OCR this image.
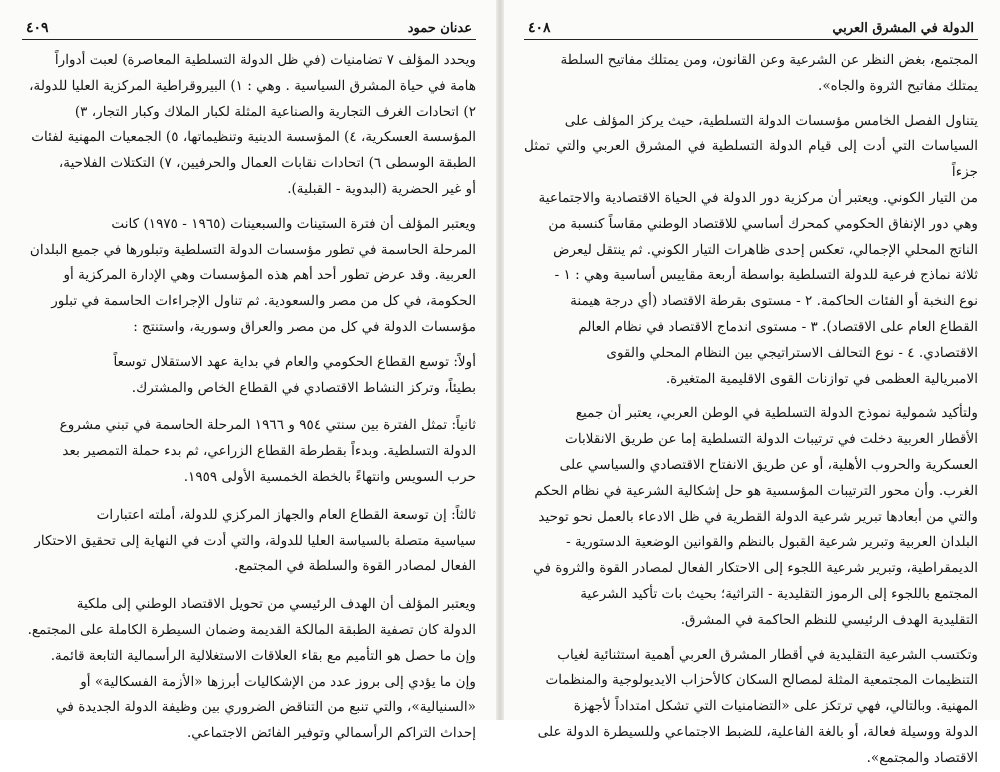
الدولة في المشرق العربي
٤٠٨

المجتمع، بغض النظر عن الشرعية وعن القانون، ومن يمتلك مفاتيح السلطة
يمتلك مفاتيح الثروة والجاه».

يتناول الفصل الخامس مؤسسات الدولة التسلطية، حيث يركز المؤلف على
السياسات التي أدت إلى قيام الدولة التسلطية في المشرق العربي والتي تمثل جزءاً
من التيار الكوني. ويعتبر أن مركزية دور الدولة في الحياة الاقتصادية والاجتماعية
وهي دور الإنفاق الحكومي كمحرك أساسي للاقتصاد الوطني مقاساً كنسبة من
الناتج المحلي الإجمالي، تعكس إحدى ظاهرات التيار الكوني. ثم ينتقل ليعرض
ثلاثة نماذج فرعية للدولة التسلطية بواسطة أربعة مقاييس أساسية وهي : ١ -
نوع النخبة أو الفئات الحاكمة. ٢ - مستوى بقرطة الاقتصاد (أي درجة هيمنة
القطاع العام على الاقتصاد). ٣ - مستوى اندماج الاقتصاد في نظام العالم
الاقتصادي. ٤ - نوع التحالف الاستراتيجي بين النظام المحلي والقوى
الامبريالية العظمى في توازنات القوى الاقليمية المتغيرة.

ولتأكيد شمولية نموذج الدولة التسلطية في الوطن العربي، يعتبر أن جميع
الأقطار العربية دخلت في ترتيبات الدولة التسلطية إما عن طريق الانقلابات
العسكرية والحروب الأهلية، أو عن طريق الانفتاح الاقتصادي والسياسي على
الغرب. وأن محور الترتيبات المؤسسية هو حل إشكالية الشرعية في نظام الحكم
والتي من أبعادها تبرير شرعية الدولة القطرية في ظل الادعاء بالعمل نحو توحيد
البلدان العربية وتبرير شرعية القبول بالنظم والقوانين الوضعية الدستورية -
الديمقراطية، وتبرير شرعية اللجوء إلى الاحتكار الفعال لمصادر القوة والثروة في
المجتمع باللجوء إلى الرموز التقليدية - التراثية؛ بحيث بات تأكيد الشرعية
التقليدية الهدف الرئيسي للنظم الحاكمة في المشرق.

وتكتسب الشرعية التقليدية في أقطار المشرق العربي أهمية استثنائية لغياب
التنظيمات المجتمعية المثلة لمصالح السكان كالأحزاب الايديولوجية والمنظمات
المهنية. وبالتالي، فهي ترتكز على «التضامنيات التي تشكل امتداداً لأجهزة
الدولة ووسيلة فعالة، أو بالغة الفاعلية، للضبط الاجتماعي وللسيطرة الدولة على
الاقتصاد والمجتمع».

عدنان حمود
٤٠٩

ويحدد المؤلف ٧ تضامنيات (في ظل الدولة التسلطية المعاصرة) لعبت أدواراً
هامة في حياة المشرق السياسية . وهي : ١) البيروقراطية المركزية العليا للدولة،
٢) اتحادات الغرف التجارية والصناعية المثلة لكبار الملاك وكبار التجار، ٣)
المؤسسة العسكرية، ٤) المؤسسة الدينية وتنظيماتها، ٥) الجمعيات المهنية لفئات
الطبقة الوسطى ٦) اتحادات نقابات العمال والحرفيين، ٧) التكتلات الفلاحية،
أو غير الحضرية (البدوية - القبلية).

ويعتبر المؤلف أن فترة الستينات والسبعينات (١٩٦٥ - ١٩٧٥) كانت
المرحلة الحاسمة في تطور مؤسسات الدولة التسلطية وتبلورها في جميع البلدان
العربية. وقد عرض تطور أحد أهم هذه المؤسسات وهي الإدارة المركزية أو
الحكومة، في كل من مصر والسعودية. ثم تناول الإجراءات الحاسمة في تبلور
مؤسسات الدولة في كل من مصر والعراق وسورية، واستنتج :

أولاً: توسع القطاع الحكومي والعام في بداية عهد الاستقلال توسعاً
بطيئاً، وتركز النشاط الاقتصادي في القطاع الخاص والمشترك.

ثانياً: تمثل الفترة بين سنتي ٩٥٤ و ١٩٦٦ المرحلة الحاسمة في تبني مشروع
الدولة التسلطية. وبدءاً بقطرطة القطاع الزراعي، ثم بدء حملة التمصير بعد
حرب السويس وانتهاءً بالخطة الخمسية الأولى ١٩٥٩.

ثالثاً: إن توسعة القطاع العام والجهاز المركزي للدولة، أملته اعتبارات
سياسية متصلة بالسياسة العليا للدولة، والتي أدت في النهاية إلى تحقيق الاحتكار
الفعال لمصادر القوة والسلطة في المجتمع.

ويعتبر المؤلف أن الهدف الرئيسي من تحويل الاقتصاد الوطني إلى ملكية
الدولة كان تصفية الطبقة المالكة القديمة وضمان السيطرة الكاملة على المجتمع.
وإن ما حصل هو التأميم مع بقاء العلاقات الاستغلالية الرأسمالية التابعة قائمة.
وإن ما يؤدي إلى بروز عدد من الإشكاليات أبرزها «الأزمة الفسكالية» أو
«السنيالية»، والتي تنبع من التناقض الضروري بين وظيفة الدولة الجديدة في
إحداث التراكم الرأسمالي وتوفير الفائض الاجتماعي.
